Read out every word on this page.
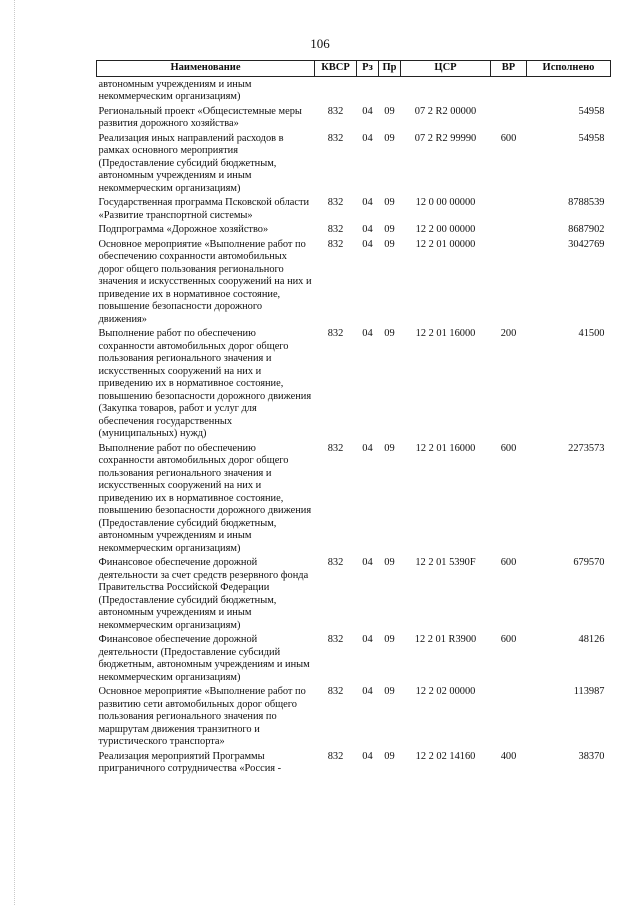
106
Наименование	КВСР	Рз	Пр	ЦСР	ВР	Исполнено
автономным учреждениям и иным некоммерческим организациям)						
Региональный проект «Общесистемные меры развития дорожного хозяйства»	832	04	09	07 2 R2 00000		54958
Реализация иных направлений расходов в рамках основного мероприятия (Предоставление субсидий бюджетным, автономным учреждениям и иным некоммерческим организациям)	832	04	09	07 2 R2 99990	600	54958
Государственная программа Псковской области «Развитие транспортной системы»	832	04	09	12 0 00 00000		8788539
Подпрограмма «Дорожное хозяйство»	832	04	09	12 2 00 00000		8687902
Основное мероприятие «Выполнение работ по обеспечению сохранности автомобильных дорог общего пользования регионального значения и искусственных сооружений на них и приведение их в нормативное состояние, повышение безопасности дорожного движения»	832	04	09	12 2 01 00000		3042769
Выполнение работ по обеспечению сохранности автомобильных дорог общего пользования регионального значения и искусственных сооружений на них и приведению их в нормативное состояние, повышению безопасности дорожного движения (Закупка товаров, работ и услуг для обеспечения государственных (муниципальных) нужд)	832	04	09	12 2 01 16000	200	41500
Выполнение работ по обеспечению сохранности автомобильных дорог общего пользования регионального значения и искусственных сооружений на них и приведению их в нормативное состояние, повышению безопасности дорожного движения (Предоставление субсидий бюджетным, автономным учреждениям и иным некоммерческим организациям)	832	04	09	12 2 01 16000	600	2273573
Финансовое обеспечение дорожной деятельности за счет средств резервного фонда Правительства Российской Федерации (Предоставление субсидий бюджетным, автономным учреждениям и иным некоммерческим организациям)	832	04	09	12 2 01 5390F	600	679570
Финансовое обеспечение дорожной деятельности (Предоставление субсидий бюджетным, автономным учреждениям и иным некоммерческим организациям)	832	04	09	12 2 01 R3900	600	48126
Основное мероприятие «Выполнение работ по развитию сети автомобильных дорог общего пользования регионального значения по маршрутам движения транзитного и туристического транспорта»	832	04	09	12 2 02 00000		113987
Реализация мероприятий Программы приграничного сотрудничества «Россия -	832	04	09	12 2 02 14160	400	38370
